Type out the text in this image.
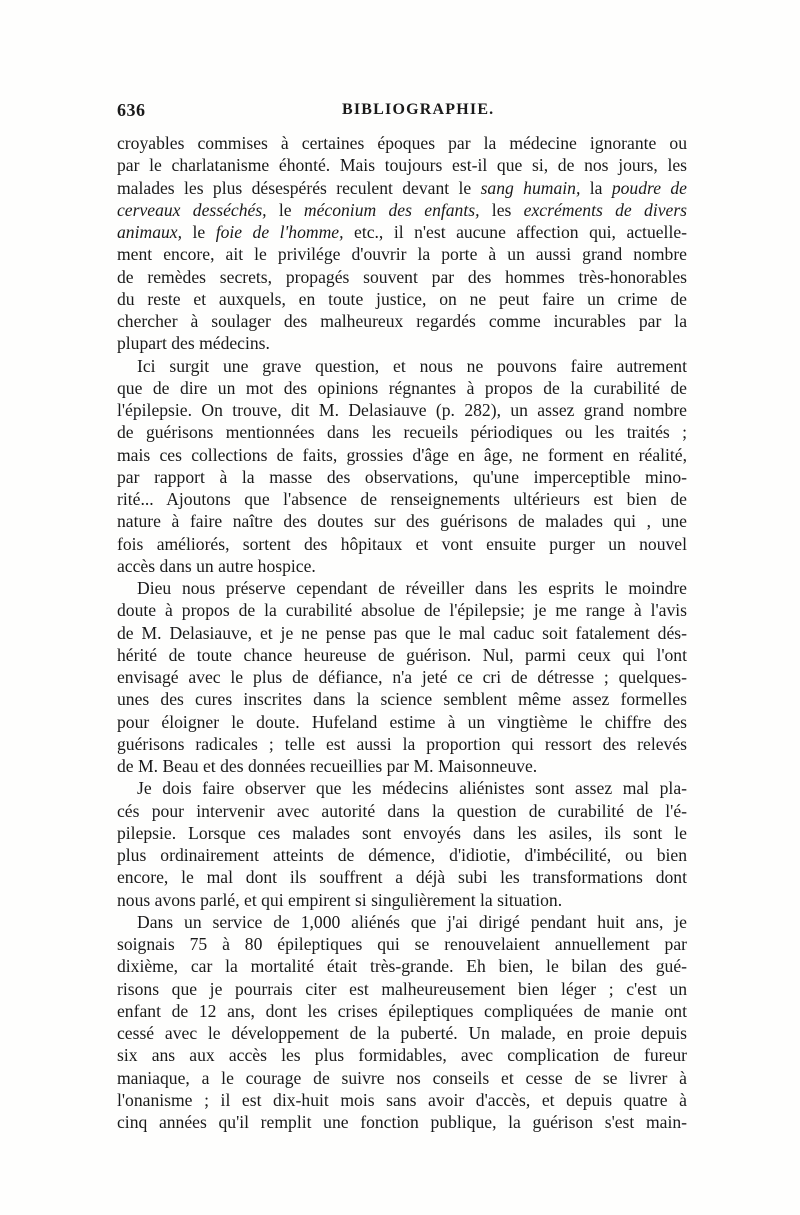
636	BIBLIOGRAPHIE.
croyables commises à certaines époques par la médecine ignorante ou
par le charlatanisme éhonté. Mais toujours est-il que si, de nos jours, les
malades les plus désespérés reculent devant le sang humain, la poudre de
cerveaux desséchés, le méconium des enfants, les excréments de divers
animaux, le foie de l'homme, etc., il n'est aucune affection qui, actuelle-
ment encore, ait le privilége d'ouvrir la porte à un aussi grand nombre
de remèdes secrets, propagés souvent par des hommes très-honorables
du reste et auxquels, en toute justice, on ne peut faire un crime de
chercher à soulager des malheureux regardés comme incurables par la
plupart des médecins.
Ici surgit une grave question, et nous ne pouvons faire autrement
que de dire un mot des opinions régnantes à propos de la curabilité de
l'épilepsie. On trouve, dit M. Delasiauve (p. 282), un assez grand nombre
de guérisons mentionnées dans les recueils périodiques ou les traités ;
mais ces collections de faits, grossies d'âge en âge, ne forment en réalité,
par rapport à la masse des observations, qu'une imperceptible mino-
rité... Ajoutons que l'absence de renseignements ultérieurs est bien de
nature à faire naître des doutes sur des guérisons de malades qui , une
fois améliorés, sortent des hôpitaux et vont ensuite purger un nouvel
accès dans un autre hospice.
Dieu nous préserve cependant de réveiller dans les esprits le moindre
doute à propos de la curabilité absolue de l'épilepsie; je me range à l'avis
de M. Delasiauve, et je ne pense pas que le mal caduc soit fatalement dés-
hérité de toute chance heureuse de guérison. Nul, parmi ceux qui l'ont
envisagé avec le plus de défiance, n'a jeté ce cri de détresse ; quelques-
unes des cures inscrites dans la science semblent même assez formelles
pour éloigner le doute. Hufeland estime à un vingtième le chiffre des
guérisons radicales ; telle est aussi la proportion qui ressort des relevés
de M. Beau et des données recueillies par M. Maisonneuve.
Je dois faire observer que les médecins aliénistes sont assez mal pla-
cés pour intervenir avec autorité dans la question de curabilité de l'é-
pilepsie. Lorsque ces malades sont envoyés dans les asiles, ils sont le
plus ordinairement atteints de démence, d'idiotie, d'imbécilité, ou bien
encore, le mal dont ils souffrent a déjà subi les transformations dont
nous avons parlé, et qui empirent si singulièrement la situation.
Dans un service de 1,000 aliénés que j'ai dirigé pendant huit ans, je
soignais 75 à 80 épileptiques qui se renouvelaient annuellement par
dixième, car la mortalité était très-grande. Eh bien, le bilan des gué-
risons que je pourrais citer est malheureusement bien léger ; c'est un
enfant de 12 ans, dont les crises épileptiques compliquées de manie ont
cessé avec le développement de la puberté. Un malade, en proie depuis
six ans aux accès les plus formidables, avec complication de fureur
maniaque, a le courage de suivre nos conseils et cesse de se livrer à
l'onanisme ; il est dix-huit mois sans avoir d'accès, et depuis quatre à
cinq années qu'il remplit une fonction publique, la guérison s'est main-
